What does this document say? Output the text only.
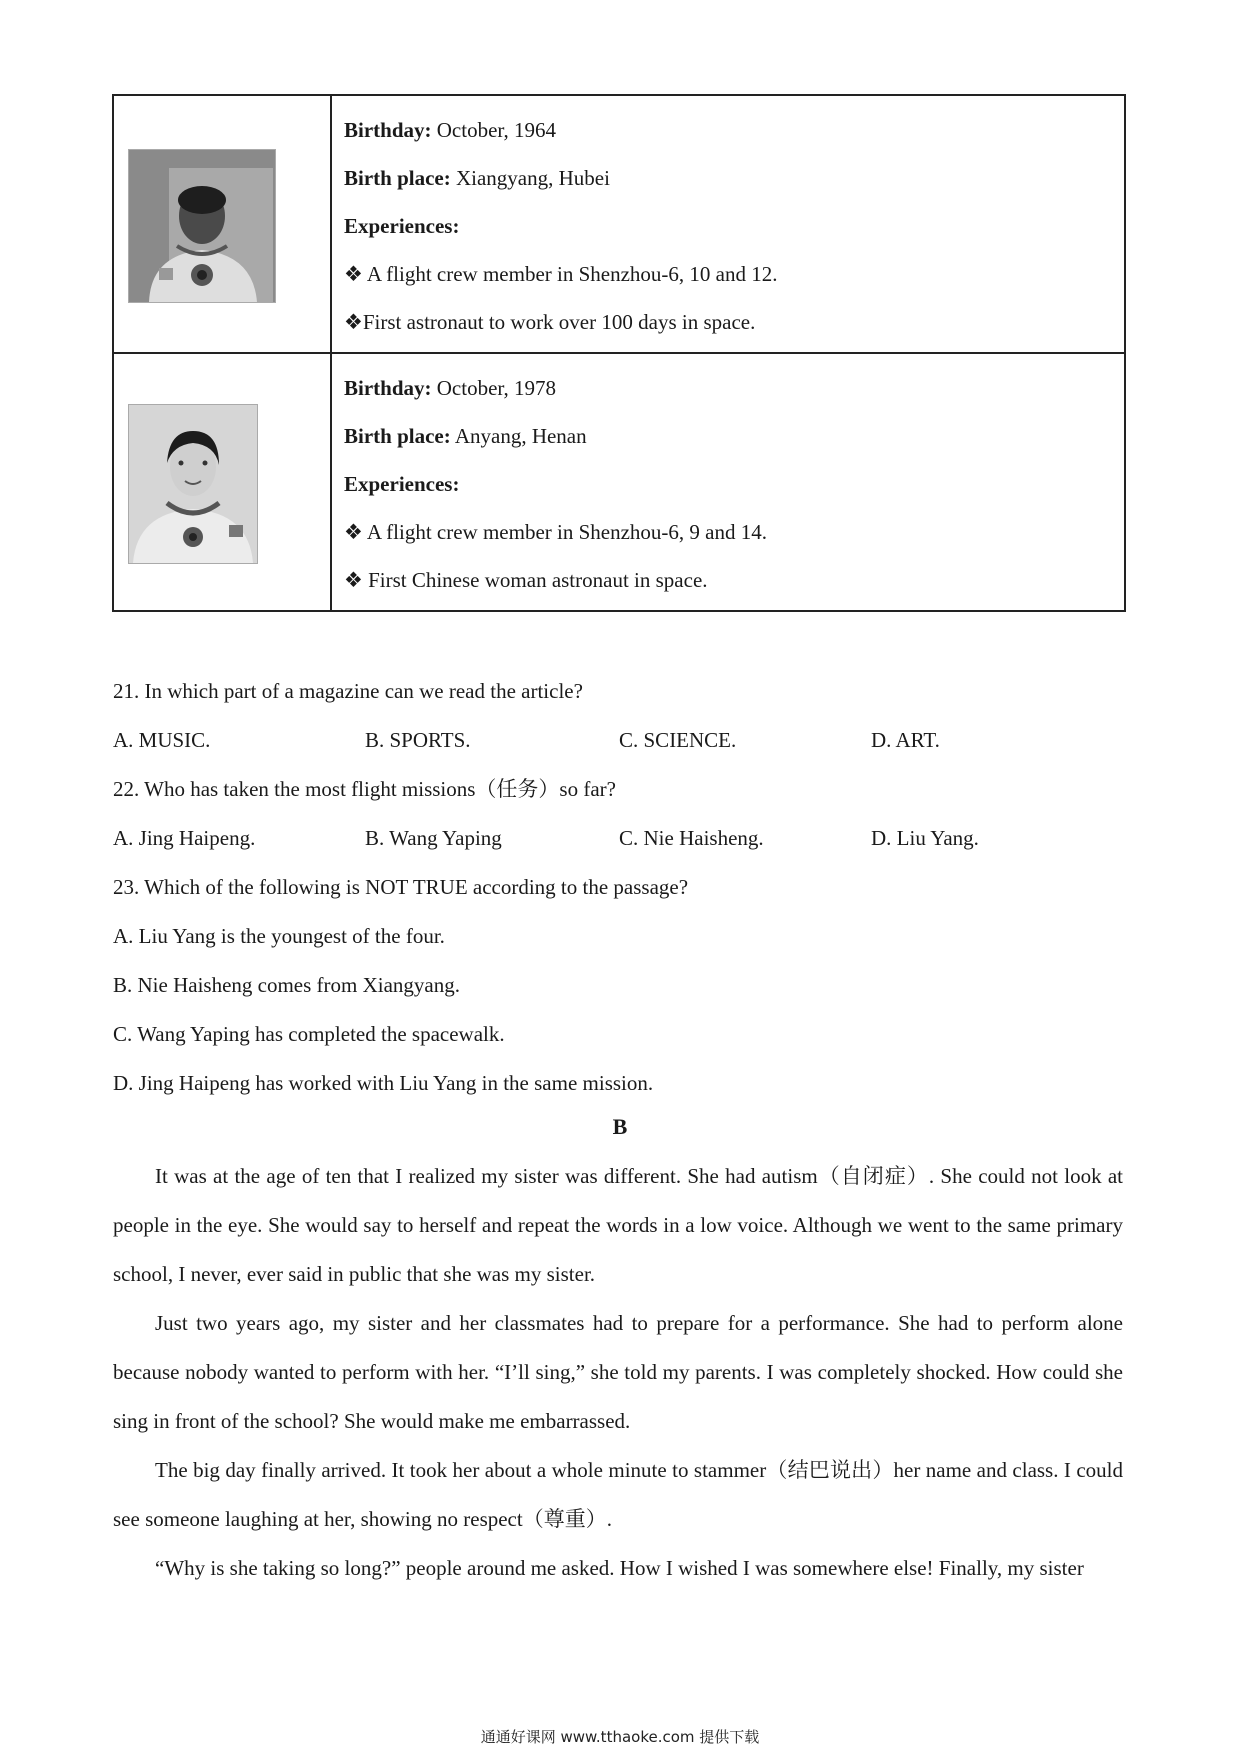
Birthday: October, 1964
Birth place: Xiangyang, Hubei
Experiences:
❖ A flight crew member in Shenzhou-6, 10 and 12.
❖First astronaut to work over 100 days in space.

Birthday: October, 1978
Birth place: Anyang, Henan
Experiences:
❖ A flight crew member in Shenzhou-6, 9 and 14.
❖ First Chinese woman astronaut in space.
21. In which part of a magazine can we read the article?
A. MUSIC.	B. SPORTS.	C. SCIENCE.	D. ART.
22. Who has taken the most flight missions（任务）so far?
A. Jing Haipeng.	B. Wang Yaping	C. Nie Haisheng.	D. Liu Yang.
23. Which of the following is NOT TRUE according to the passage?
A. Liu Yang is the youngest of the four.
B. Nie Haisheng comes from Xiangyang.
C. Wang Yaping has completed the spacewalk.
D. Jing Haipeng has worked with Liu Yang in the same mission.
B

It was at the age of ten that I realized my sister was different. She had autism（自闭症）. She could not look at people in the eye. She would say to herself and repeat the words in a low voice. Although we went to the same primary school, I never, ever said in public that she was my sister.

Just two years ago, my sister and her classmates had to prepare for a performance. She had to perform alone because nobody wanted to perform with her. “I’ll sing,” she told my parents. I was completely shocked. How could she sing in front of the school? She would make me embarrassed.

The big day finally arrived. It took her about a whole minute to stammer（结巴说出）her name and class. I could see someone laughing at her, showing no respect（尊重）.

“Why is she taking so long?” people around me asked. How I wished I was somewhere else! Finally, my sister

通通好课网 www.tthaoke.com 提供下载
